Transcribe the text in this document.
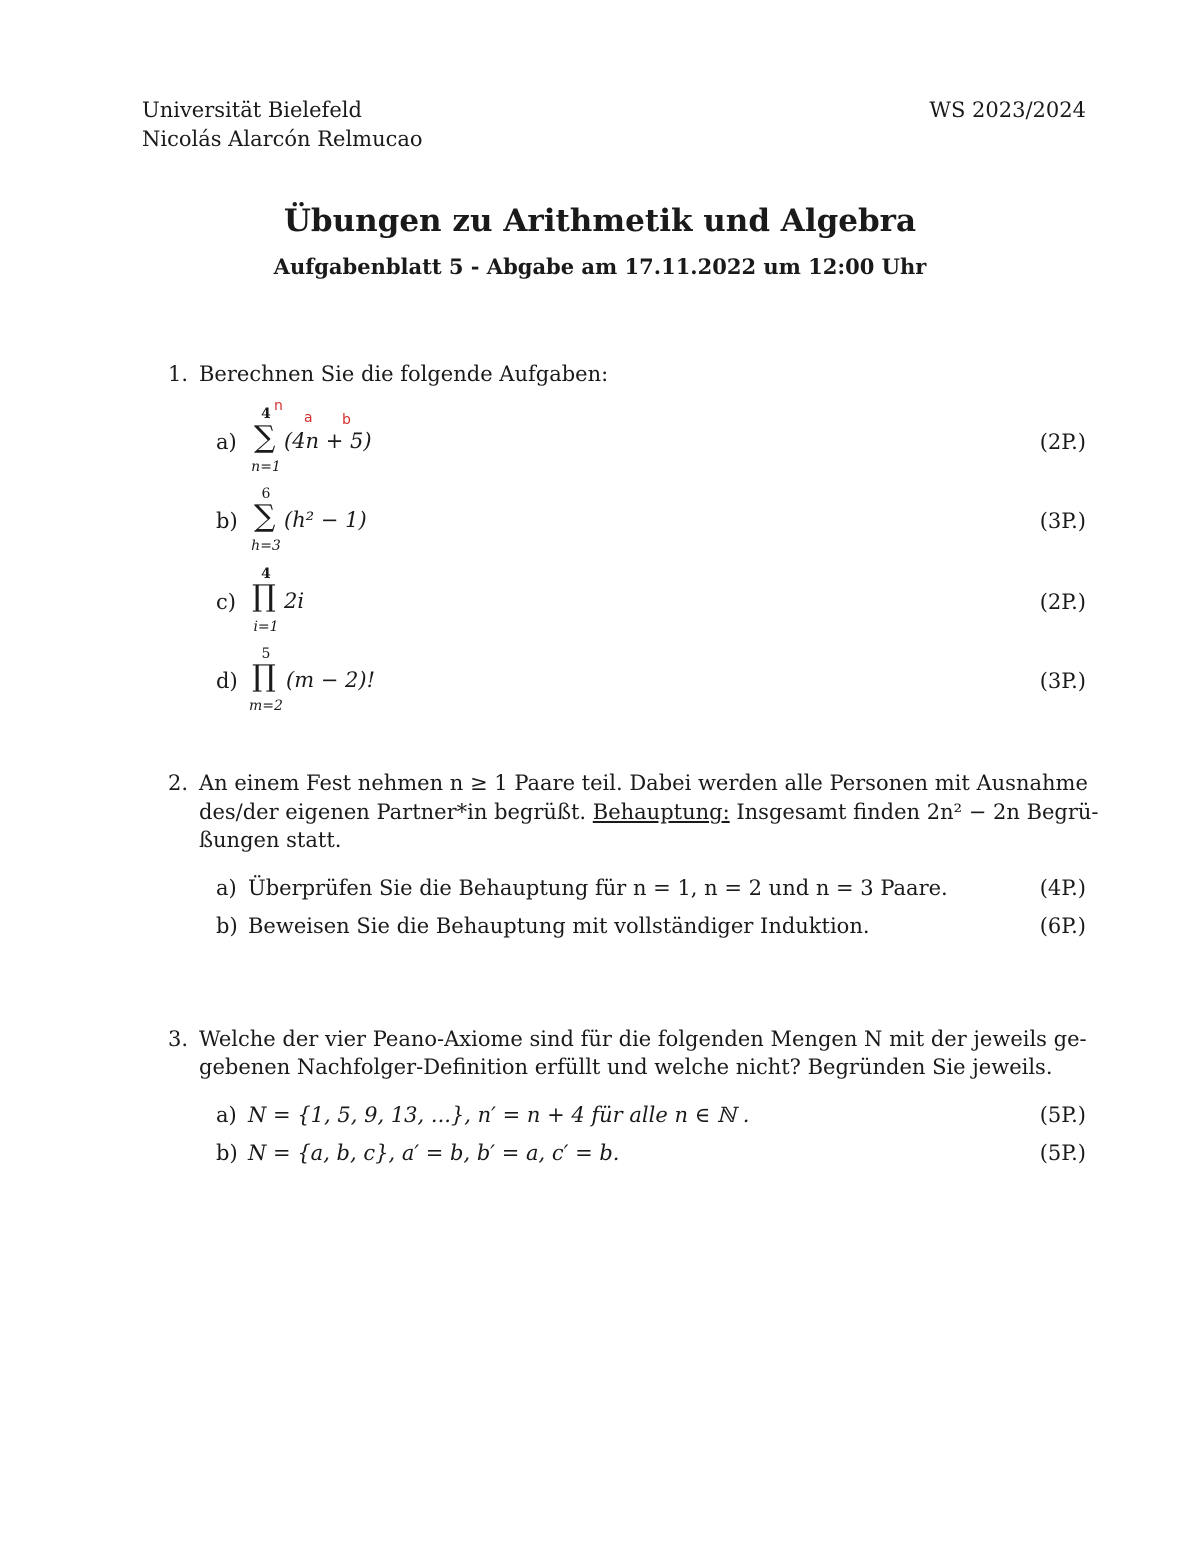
Universität Bielefeld
Nicolás Alarcón Relmucao
WS 2023/2024
Übungen zu Arithmetik und Algebra
Aufgabenblatt 5 - Abgabe am 17.11.2022 um 12:00 Uhr
1. Berechnen Sie die folgende Aufgaben:
a)
4
∑
n=1
(4n + 5)	(2P.)
n
a b
b)
6
∑
h=3
(h² − 1)	(3P.)
c)
4
∏
i=1
2i	(2P.)
d)
5
∏
m=2
(m − 2)!	(3P.)
2. An einem Fest nehmen n ≥ 1 Paare teil. Dabei werden alle Personen mit Ausnahme
des/der eigenen Partner*in begrüßt. Behauptung: Insgesamt finden 2n² − 2n Begrü-
ßungen statt.
a) Überprüfen Sie die Behauptung für n = 1, n = 2 und n = 3 Paare.	(4P.)
b) Beweisen Sie die Behauptung mit vollständiger Induktion.	(6P.)
3. Welche der vier Peano-Axiome sind für die folgenden Mengen N mit der jeweils ge-
gebenen Nachfolger-Definition erfüllt und welche nicht? Begründen Sie jeweils.
a) N = {1, 5, 9, 13, ...}, n′ = n + 4 für alle n ∈ ℕ .	(5P.)
b) N = {a, b, c}, a′ = b, b′ = a, c′ = b.	(5P.)
